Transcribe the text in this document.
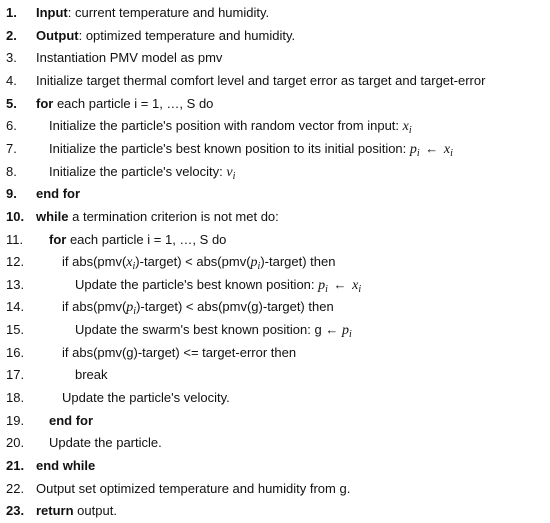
1.	Input: current temperature and humidity.
2.	Output: optimized temperature and humidity.
3.	Instantiation PMV model as pmv
4.	Initialize target thermal comfort level and target error as target and target-error
5.	for each particle i = 1, …, S do
6.	Initialize the particle's position with random vector from input: $x_i$
7.	Initialize the particle's best known position to its initial position: $p_i$ ← $x_i$
8.	Initialize the particle's velocity: $v_i$
9.	end for
10. while a termination criterion is not met do:
11.	for each particle i = 1, …, S do
12.	if $abs(pmv(x_i)-target)$ < $abs(pmv(p_i)-target)$ then
13.	Update the particle's best known position: $p_i$ ← $x_i$
14.	if $abs(pmv(p_i)-target)$ < abs(pmv(g)-target) then
15.	Update the swarm's best known position: g ← $p_i$
16.	if abs(pmv(g)-target) <= target-error then
17.	break
18.	Update the particle's velocity.
19.	end for
20.	Update the particle.
21. end while
22. Output set optimized temperature and humidity from g.
23. return output.
